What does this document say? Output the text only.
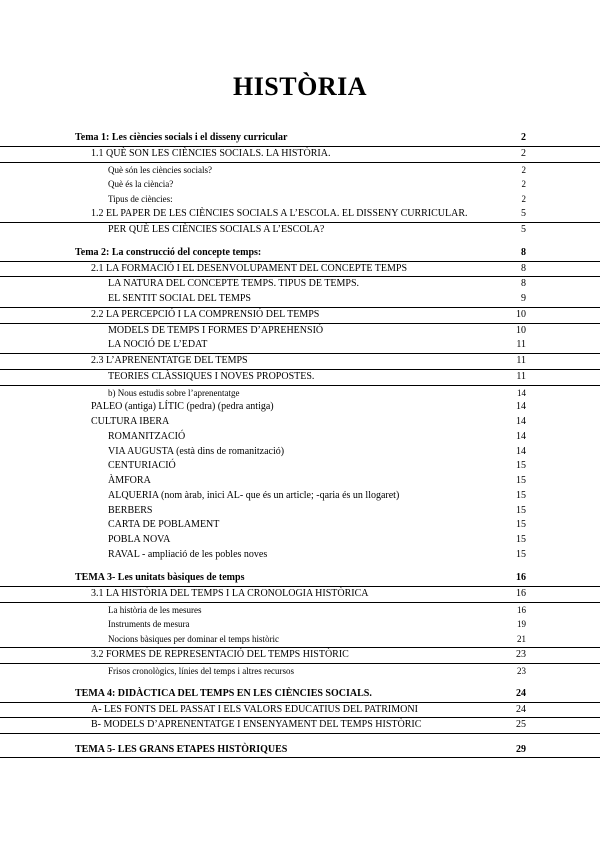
HISTÒRIA
Tema 1: Les ciències socials i el disseny curricular	2
1.1 QUÈ SON LES CIÈNCIES SOCIALS. LA HISTÒRIA.	2
Què són les ciències socials?	2
Què és la ciència?	2
Tipus de ciències:	2
1.2 EL PAPER DE LES CIÈNCIES SOCIALS A L’ESCOLA. EL DISSENY CURRICULAR.	5
PER QUÈ LES CIÈNCIES SOCIALS A L’ESCOLA?	5
Tema 2: La construcció del concepte temps:	8
2.1 LA FORMACIÓ I EL DESENVOLUPAMENT DEL CONCEPTE TEMPS	8
LA NATURA DEL CONCEPTE TEMPS. TIPUS DE TEMPS.	8
EL SENTIT SOCIAL DEL TEMPS	9
2.2 LA PERCEPCIÓ I LA COMPRENSIÓ DEL TEMPS	10
MODELS DE TEMPS I FORMES D’APREHENSIÓ	10
LA NOCIÓ DE L’EDAT	11
2.3 L’APRENENTATGE DEL TEMPS	11
TEORIES CLÀSSIQUES I NOVES PROPOSTES.	11
b) Nous estudis sobre l’aprenentatge	14
PALEO (antiga) LÍTIC (pedra) (pedra antiga)	14
CULTURA IBERA	14
ROMANITZACIÓ	14
VIA AUGUSTA (està dins de romanització)	14
CENTURIACIÓ	15
ÀMFORA	15
ALQUERIA (nom àrab, inici AL- que és un article; -qaria és un llogaret)	15
BERBERS	15
CARTA DE POBLAMENT	15
POBLA NOVA	15
RAVAL - ampliació de les pobles noves	15
TEMA 3- Les unitats bàsiques de temps	16
3.1 LA HISTÒRIA DEL TEMPS I LA CRONOLOGIA HISTÒRICA	16
La història de les mesures	16
Instruments de mesura	19
Nocions bàsiques per dominar el temps històric	21
3.2 FORMES DE REPRESENTACIÓ DEL TEMPS HISTÒRIC	23
Frisos cronològics, línies del temps i altres recursos	23
TEMA 4: DIDÀCTICA DEL TEMPS EN LES CIÈNCIES SOCIALS.	24
A- LES FONTS DEL PASSAT I ELS VALORS EDUCATIUS DEL PATRIMONI	24
B- MODELS D’APRENENTATGE I ENSENYAMENT DEL TEMPS HISTÒRIC	25
TEMA 5- LES GRANS ETAPES HISTÒRIQUES	29
